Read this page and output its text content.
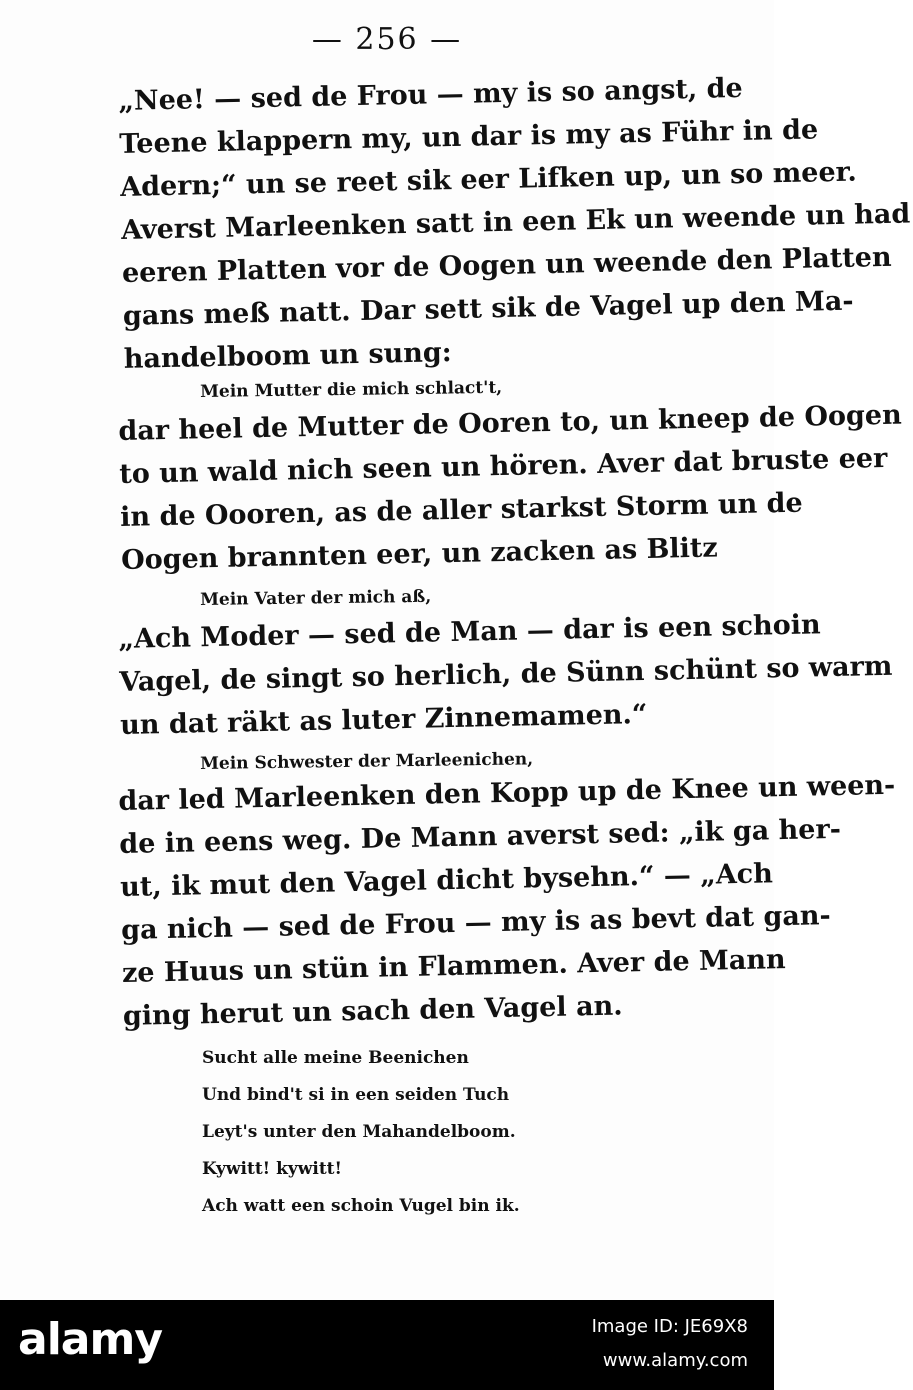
— 256 —
„Nee! — sed de Frou — my is so angst, de
Teene klappern my, un dar is my as Führ in de
Adern;“ un se reet sik eer Lifken up, un so meer.
Averst Marleenken satt in een Ek un weende un had
eeren Platten vor de Oogen un weende den Platten
gans meß natt. Dar sett sik de Vagel up den Ma-
handelboom un sung:
Mein Mutter die mich schlact't,
dar heel de Mutter de Ooren to, un kneep de Oogen
to un wald nich seen un hören. Aver dat bruste eer
in de Oooren, as de aller starkst Storm un de
Oogen brannten eer, un zacken as Blitz
Mein Vater der mich aß,
„Ach Moder — sed de Man — dar is een schoin
Vagel, de singt so herlich, de Sünn schünt so warm
un dat räkt as luter Zinnemamen.“
Mein Schwester der Marleenichen,
dar led Marleenken den Kopp up de Knee un ween-
de in eens weg. De Mann averst sed: „ik ga her-
ut, ik mut den Vagel dicht bysehn.“ — „Ach
ga nich — sed de Frou — my is as bevt dat gan-
ze Huus un stün in Flammen. Aver de Mann
ging herut un sach den Vagel an.
Sucht alle meine Beenichen
Und bind't si in een seiden Tuch
Leyt's unter den Mahandelboom.
Kywitt! kywitt!
Ach watt een schoin Vugel bin ik.
alamy	Image ID: JE69X8
www.alamy.com
